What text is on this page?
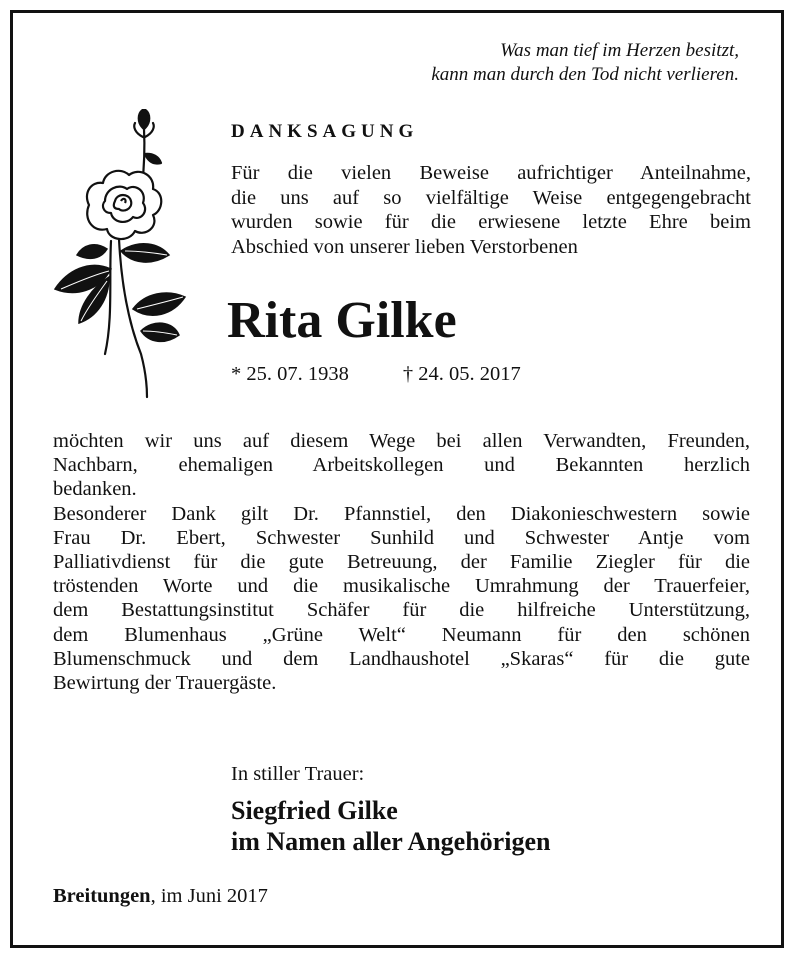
Was man tief im Herzen besitzt,
kann man durch den Tod nicht verlieren.
DANKSAGUNG
Für die vielen Beweise aufrichtiger Anteilnahme,
die uns auf so vielfältige Weise entgegengebracht
wurden sowie für die erwiesene letzte Ehre beim
Abschied von unserer lieben Verstorbenen
Rita Gilke
* 25. 07. 1938	† 24. 05. 2017
möchten wir uns auf diesem Wege bei allen Verwandten, Freunden,
Nachbarn, ehemaligen Arbeitskollegen und Bekannten herzlich
bedanken.
Besonderer Dank gilt Dr. Pfannstiel, den Diakonieschwestern sowie
Frau Dr. Ebert, Schwester Sunhild und Schwester Antje vom
Palliativdienst für die gute Betreuung, der Familie Ziegler für die
tröstenden Worte und die musikalische Umrahmung der Trauerfeier,
dem Bestattungsinstitut Schäfer für die hilfreiche Unterstützung,
dem Blumenhaus „Grüne Welt“ Neumann für den schönen
Blumenschmuck und dem Landhaushotel „Skaras“ für die gute
Bewirtung der Trauergäste.
In stiller Trauer:
Siegfried Gilke
im Namen aller Angehörigen
Breitungen, im Juni 2017
